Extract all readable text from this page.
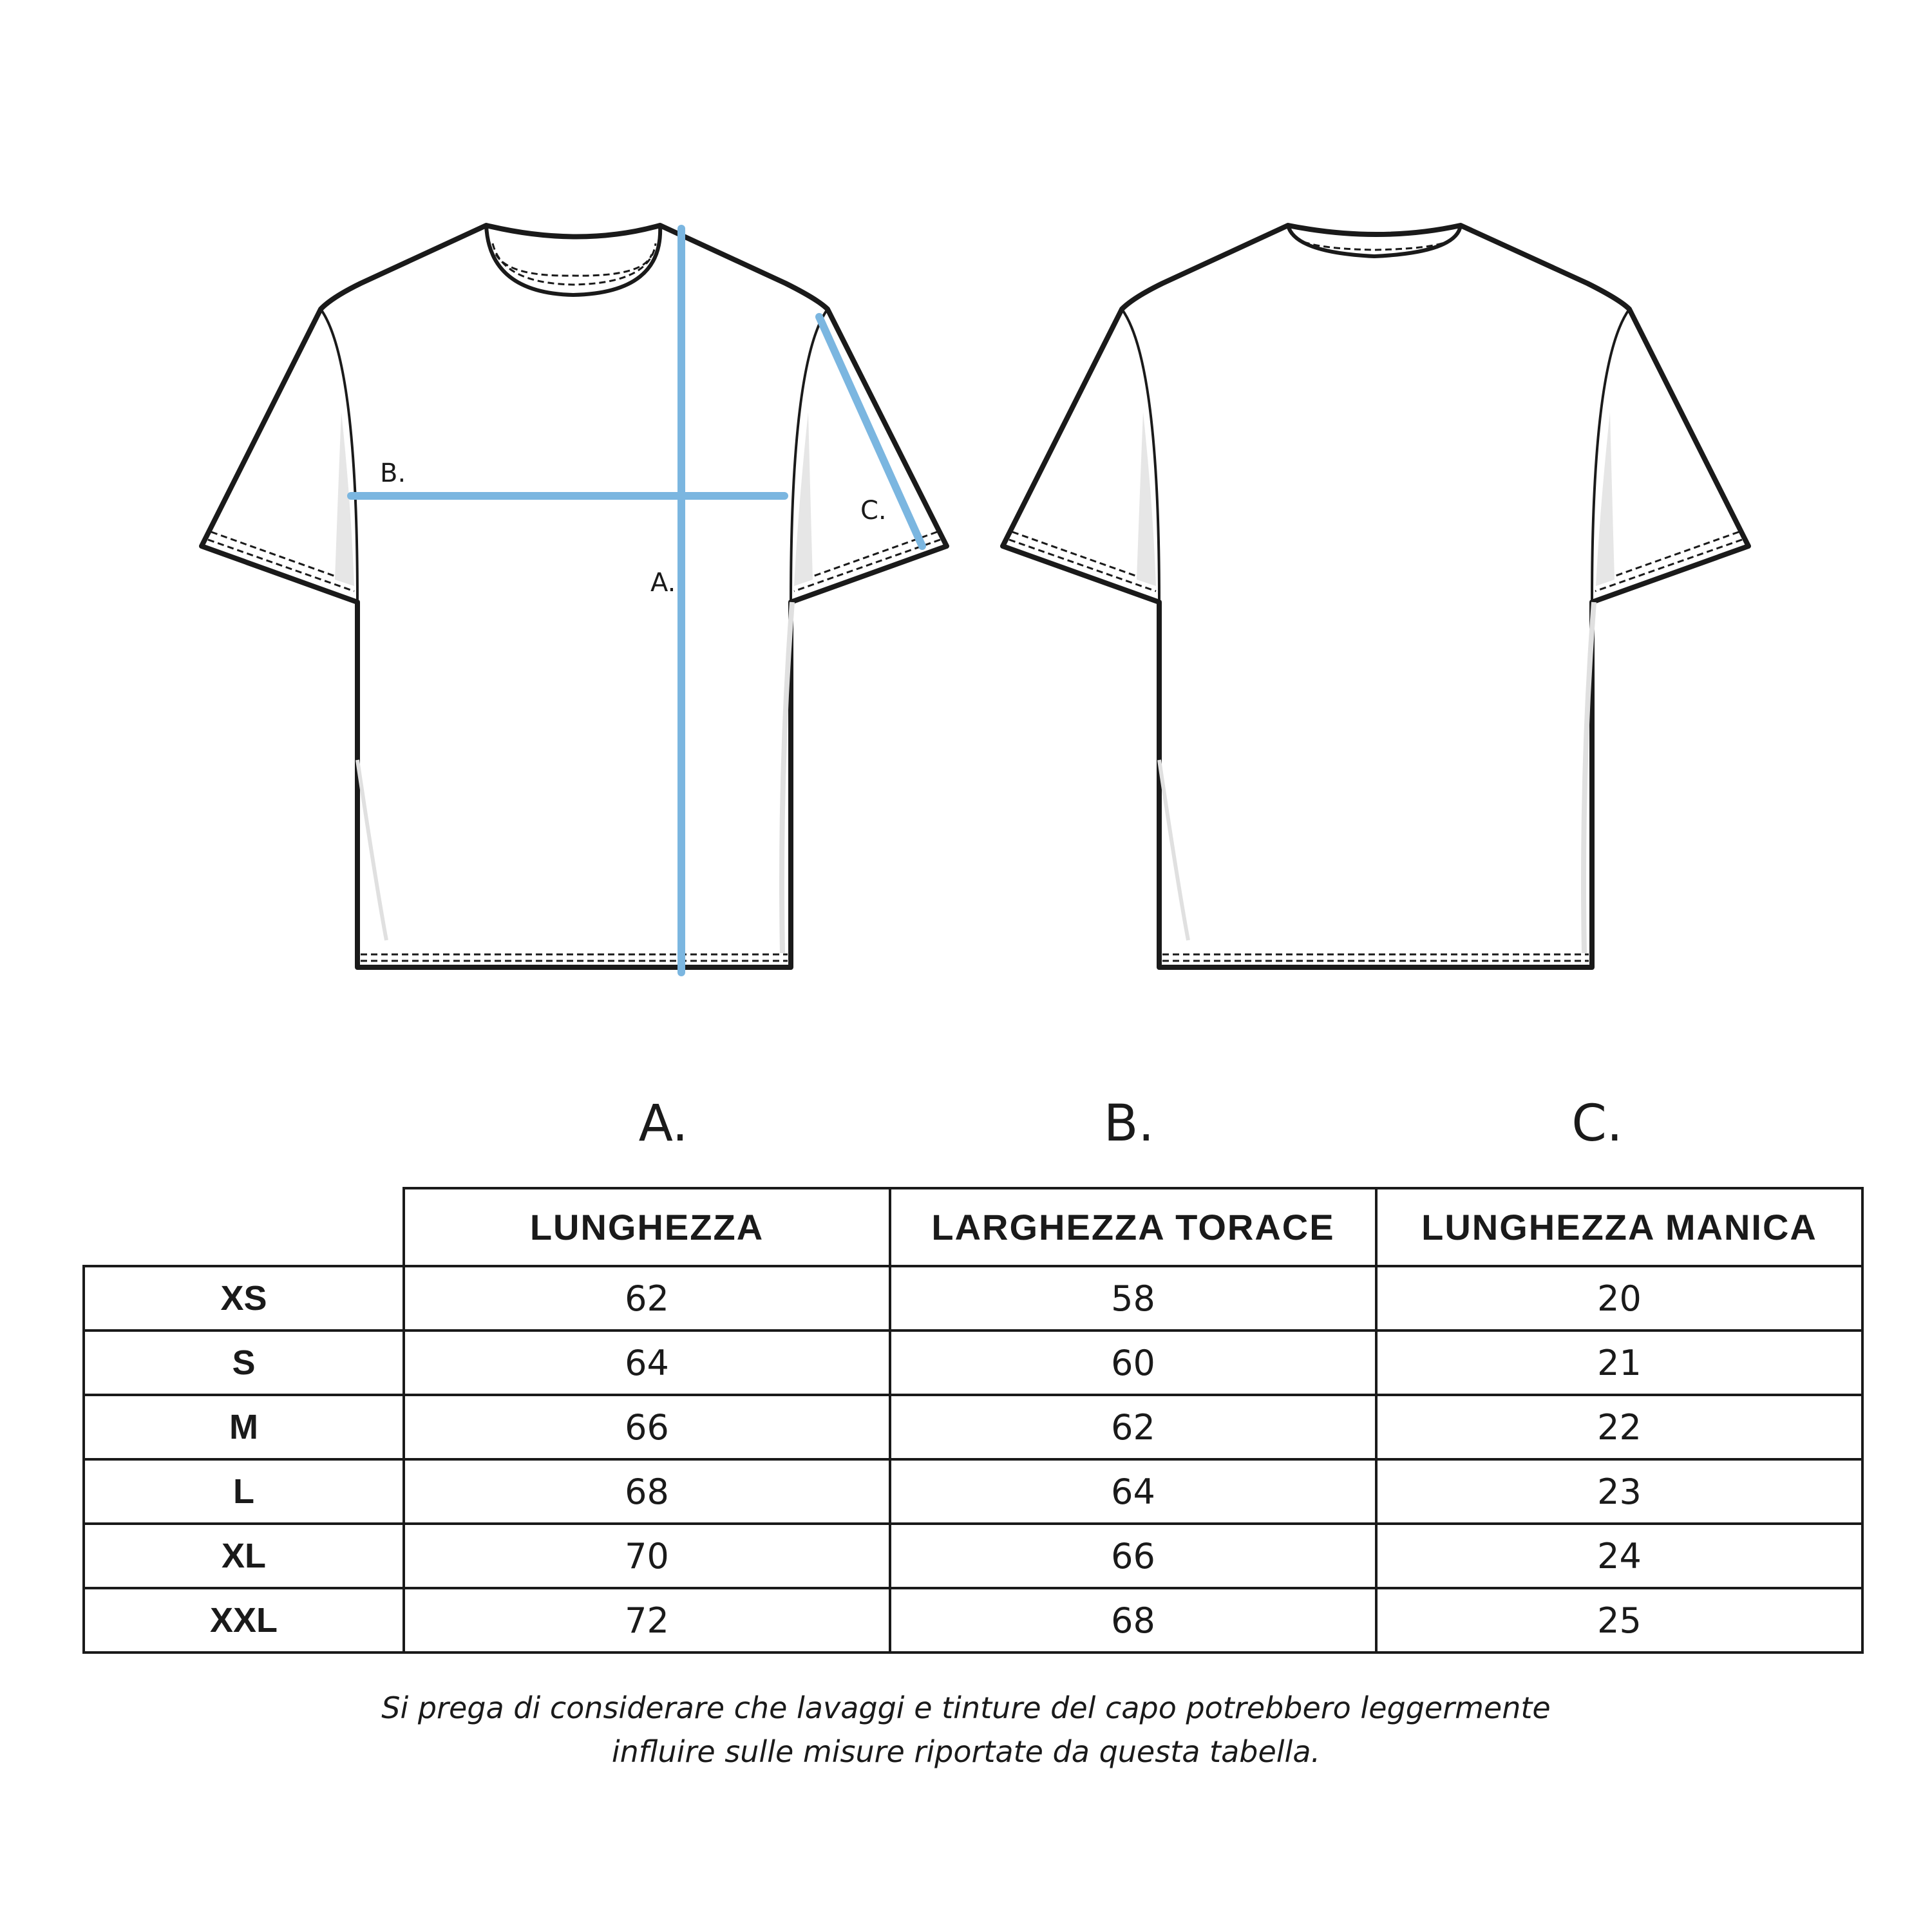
B.
A.
C.
A.	B.	C.
	LUNGHEZZA	LARGHEZZA TORACE	LUNGHEZZA MANICA
XS	62	58	20
S	64	60	21
M	66	62	22
L	68	64	23
XL	70	66	24
XXL	72	68	25
Si prega di considerare che lavaggi e tinture del capo potrebbero leggermente
influire sulle misure riportate da questa tabella.
